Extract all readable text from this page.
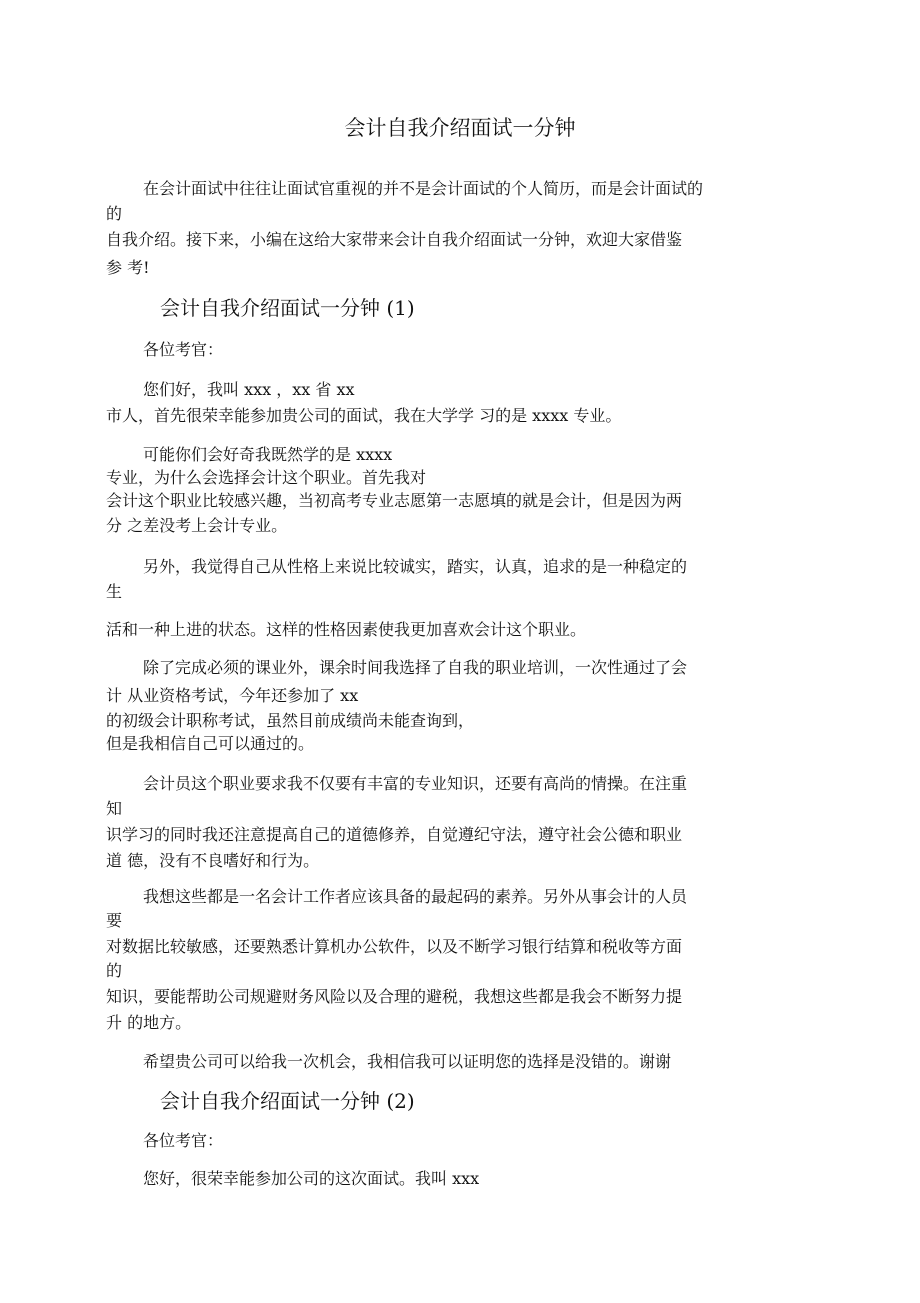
会计自我介绍面试一分钟
在会计面试中往往让面试官重视的并不是会计面试的个人简历，而是会计面试的
的
自我介绍。接下来，小编在这给大家带来会计自我介绍面试一分钟，欢迎大家借鉴
参 考!
会计自我介绍面试一分钟 (1)
各位考官：
您们好，我叫 xxx ，xx 省 xx
市人，首先很荣幸能参加贵公司的面试，我在大学学 习的是 xxxx 专业。
可能你们会好奇我既然学的是 xxxx
专业，为什么会选择会计这个职业。首先我对
会计这个职业比较感兴趣，当初高考专业志愿第一志愿填的就是会计，但是因为两
分 之差没考上会计专业。
另外，我觉得自己从性格上来说比较诚实，踏实，认真，追求的是一种稳定的
生
活和一种上进的状态。这样的性格因素使我更加喜欢会计这个职业。
除了完成必须的课业外，课余时间我选择了自我的职业培训，一次性通过了会
计 从业资格考试，今年还参加了 xx
的初级会计职称考试，虽然目前成绩尚未能查询到，
但是我相信自己可以通过的。
会计员这个职业要求我不仅要有丰富的专业知识，还要有高尚的情操。在注重
知
识学习的同时我还注意提高自己的道德修养，自觉遵纪守法，遵守社会公德和职业
道 德，没有不良嗜好和行为。
我想这些都是一名会计工作者应该具备的最起码的素养。另外从事会计的人员
要
对数据比较敏感，还要熟悉计算机办公软件，以及不断学习银行结算和税收等方面
的
知识，要能帮助公司规避财务风险以及合理的避税，我想这些都是我会不断努力提
升 的地方。
希望贵公司可以给我一次机会，我相信我可以证明您的选择是没错的。谢谢
会计自我介绍面试一分钟 (2)
各位考官：
您好，很荣幸能参加公司的这次面试。我叫 xxx
